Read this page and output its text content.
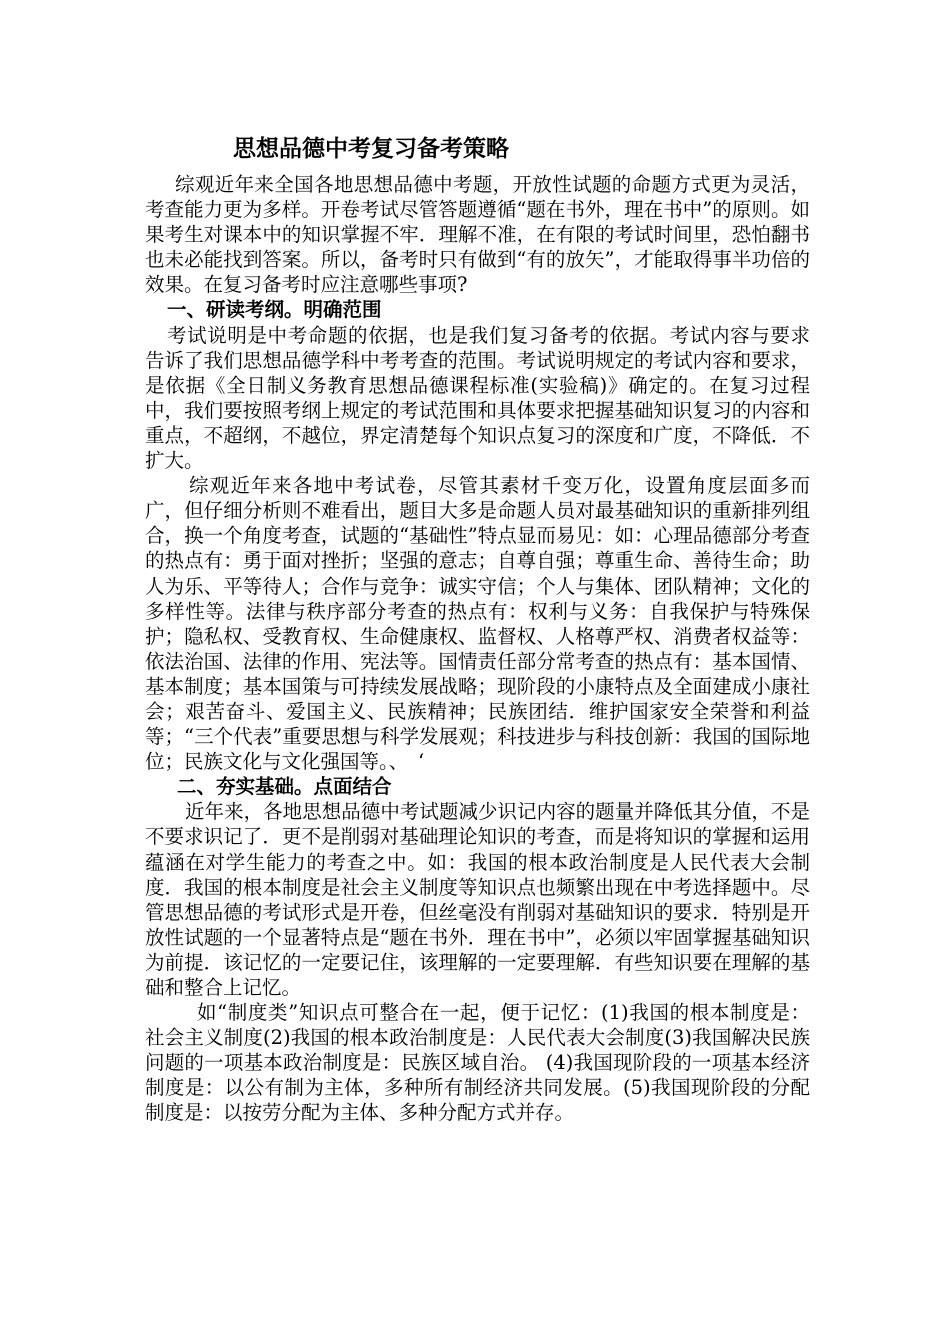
思想品德中考复习备考策略

综观近年来全国各地思想品德中考题，开放性试题的命题方式更为灵活，考查能力更为多样。开卷考试尽管答题遵循“题在书外，理在书中”的原则。如果考生对课本中的知识掌握不牢．理解不准，在有限的考试时间里，恐怕翻书也未必能找到答案。所以，备考时只有做到“有的放矢”，才能取得事半功倍的效果。在复习备考时应注意哪些事项?

一、研读考纲。明确范围

考试说明是中考命题的依据，也是我们复习备考的依据。考试内容与要求告诉了我们思想品德学科中考考查的范围。考试说明规定的考试内容和要求，是依据《全日制义务教育思想品德课程标准(实验稿)》确定的。在复习过程中，我们要按照考纲上规定的考试范围和具体要求把握基础知识复习的内容和重点，不超纲，不越位，界定清楚每个知识点复习的深度和广度，不降低．不扩大。

综观近年来各地中考试卷，尽管其素材千变万化，设置角度层面多而广，但仔细分析则不难看出，题目大多是命题人员对最基础知识的重新排列组合，换一个角度考查，试题的“基础性”特点显而易见：如：心理品德部分考查的热点有：勇于面对挫折；坚强的意志；自尊自强；尊重生命、善待生命；助人为乐、平等待人；合作与竞争：诚实守信；个人与集体、团队精神；文化的多样性等。法律与秩序部分考查的热点有：权利与义务：自我保护与特殊保护；隐私权、受教育权、生命健康权、监督权、人格尊严权、消费者权益等：依法治国、法律的作用、宪法等。国情责任部分常考查的热点有：基本国情、基本制度；基本国策与可持续发展战略；现阶段的小康特点及全面建成小康社会；艰苦奋斗、爱国主义、民族精神；民族团结．维护国家安全荣誉和利益等；“三个代表”重要思想与科学发展观；科技进步与科技创新：我国的国际地位；民族文化与文化强国等。、　‘

二、夯实基础。点面结合

近年来，各地思想品德中考试题减少识记内容的题量并降低其分值，不是不要求识记了．更不是削弱对基础理论知识的考查，而是将知识的掌握和运用蕴涵在对学生能力的考查之中。如：我国的根本政治制度是人民代表大会制度．我国的根本制度是社会主义制度等知识点也频繁出现在中考选择题中。尽管思想品德的考试形式是开卷，但丝毫没有削弱对基础知识的要求．特别是开放性试题的一个显著特点是“题在书外．理在书中”，必须以牢固掌握基础知识为前提．该记忆的一定要记住，该理解的一定要理解．有些知识要在理解的基础和整合上记忆。

如“制度类”知识点可整合在一起，便于记忆：(1)我国的根本制度是：社会主义制度(2)我国的根本政治制度是：人民代表大会制度(3)我国解决民族问题的一项基本政治制度是：民族区域自治。 (4)我国现阶段的一项基本经济制度是：以公有制为主体，多种所有制经济共同发展。(5)我国现阶段的分配制度是：以按劳分配为主体、多种分配方式并存。
